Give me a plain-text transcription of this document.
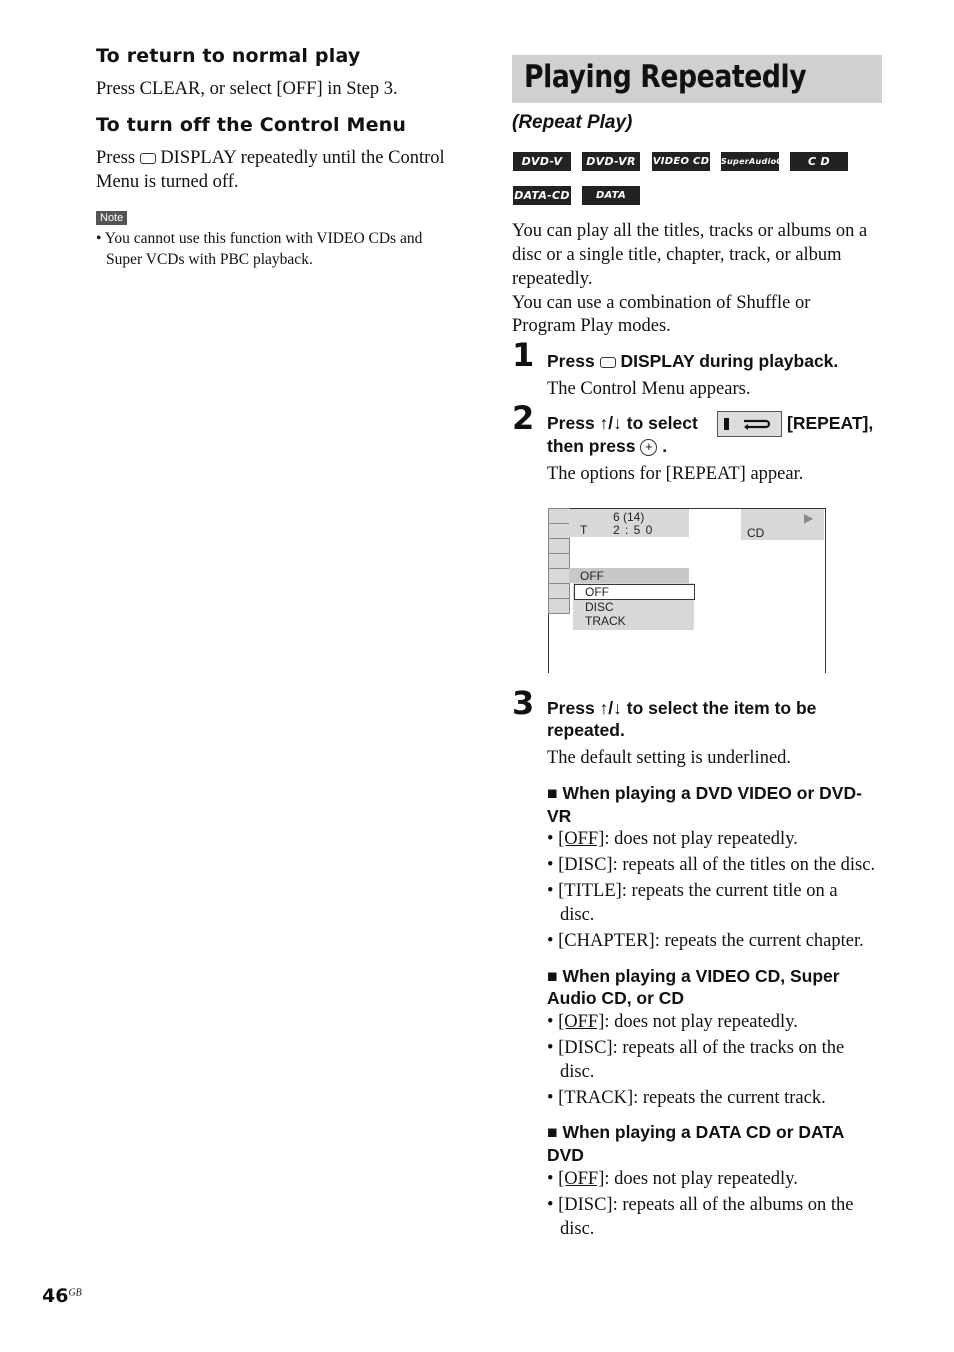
To return to normal play
Press CLEAR, or select [OFF] in Step 3.
To turn off the Control Menu
Press DISPLAY repeatedly until the Control
Menu is turned off.
Note
• You cannot use this function with VIDEO CDs and
Super VCDs with PBC playback.
Playing Repeatedly
(Repeat Play)
DVD-V	DVD-VR	VIDEO CD SuperAudioCD	C D
DATA-CD	DATA DVD
You can play all the titles, tracks or albums on a
disc or a single title, chapter, track, or album
repeatedly.
You can use a combination of Shuffle or
Program Play modes.
1 Press DISPLAY during playback.
The Control Menu appears.
2 Press ↑/↓ to select	[REPEAT],
then press + .
The options for [REPEAT] appear.
6 (14)
T 2 : 5 0	CD
▶
OFF
OFF
DISC
TRACK
3 Press ↑/↓ to select the item to be
repeated.
The default setting is underlined.
■ When playing a DVD VIDEO or DVD-
VR
• [OFF]: does not play repeatedly.
• [DISC]: repeats all of the titles on the disc.
• [TITLE]: repeats the current title on a
disc.
• [CHAPTER]: repeats the current chapter.
■ When playing a VIDEO CD, Super
Audio CD, or CD
• [OFF]: does not play repeatedly.
• [DISC]: repeats all of the tracks on the
disc.
• [TRACK]: repeats the current track.
■ When playing a DATA CD or DATA
DVD
• [OFF]: does not play repeatedly.
• [DISC]: repeats all of the albums on the
disc.
$46^{GB}$
